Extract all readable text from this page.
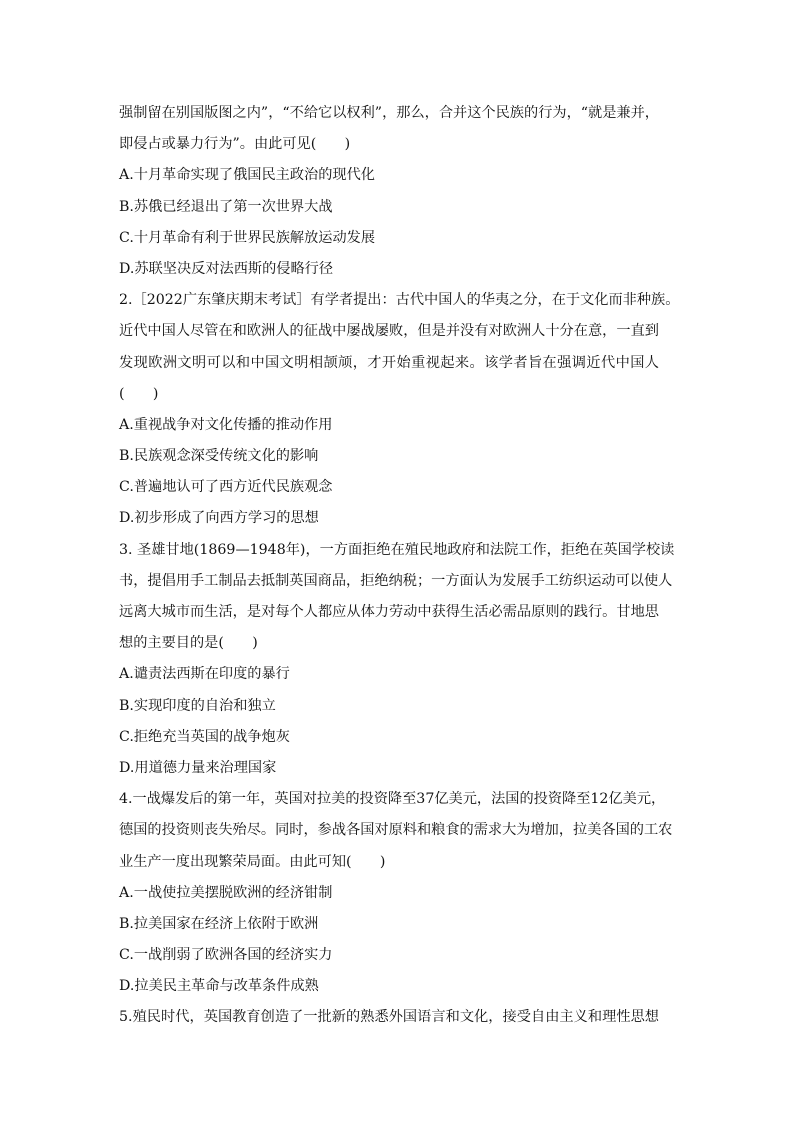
强制留在别国版图之内”，“不给它以权利”，那么，合并这个民族的行为，“就是兼并，
即侵占或暴力行为”。由此可见(　　)
A.十月革命实现了俄国民主政治的现代化
B.苏俄已经退出了第一次世界大战
C.十月革命有利于世界民族解放运动发展
D.苏联坚决反对法西斯的侵略行径
2.［2022广东肇庆期末考试］有学者提出：古代中国人的华夷之分，在于文化而非种族。
近代中国人尽管在和欧洲人的征战中屡战屡败，但是并没有对欧洲人十分在意，一直到
发现欧洲文明可以和中国文明相颉颃，才开始重视起来。该学者旨在强调近代中国人
(　　)
A.重视战争对文化传播的推动作用
B.民族观念深受传统文化的影响
C.普遍地认可了西方近代民族观念
D.初步形成了向西方学习的思想
3. 圣雄甘地(1869—1948年)，一方面拒绝在殖民地政府和法院工作，拒绝在英国学校读
书，提倡用手工制品去抵制英国商品，拒绝纳税；一方面认为发展手工纺织运动可以使人
远离大城市而生活，是对每个人都应从体力劳动中获得生活必需品原则的践行。甘地思
想的主要目的是(　　)
A.谴责法西斯在印度的暴行
B.实现印度的自治和独立
C.拒绝充当英国的战争炮灰
D.用道德力量来治理国家
4.一战爆发后的第一年，英国对拉美的投资降至37亿美元，法国的投资降至12亿美元，
德国的投资则丧失殆尽。同时，参战各国对原料和粮食的需求大为增加，拉美各国的工农
业生产一度出现繁荣局面。由此可知(　　)
A.一战使拉美摆脱欧洲的经济钳制
B.拉美国家在经济上依附于欧洲
C.一战削弱了欧洲各国的经济实力
D.拉美民主革命与改革条件成熟
5.殖民时代，英国教育创造了一批新的熟悉外国语言和文化，接受自由主义和理性思想
